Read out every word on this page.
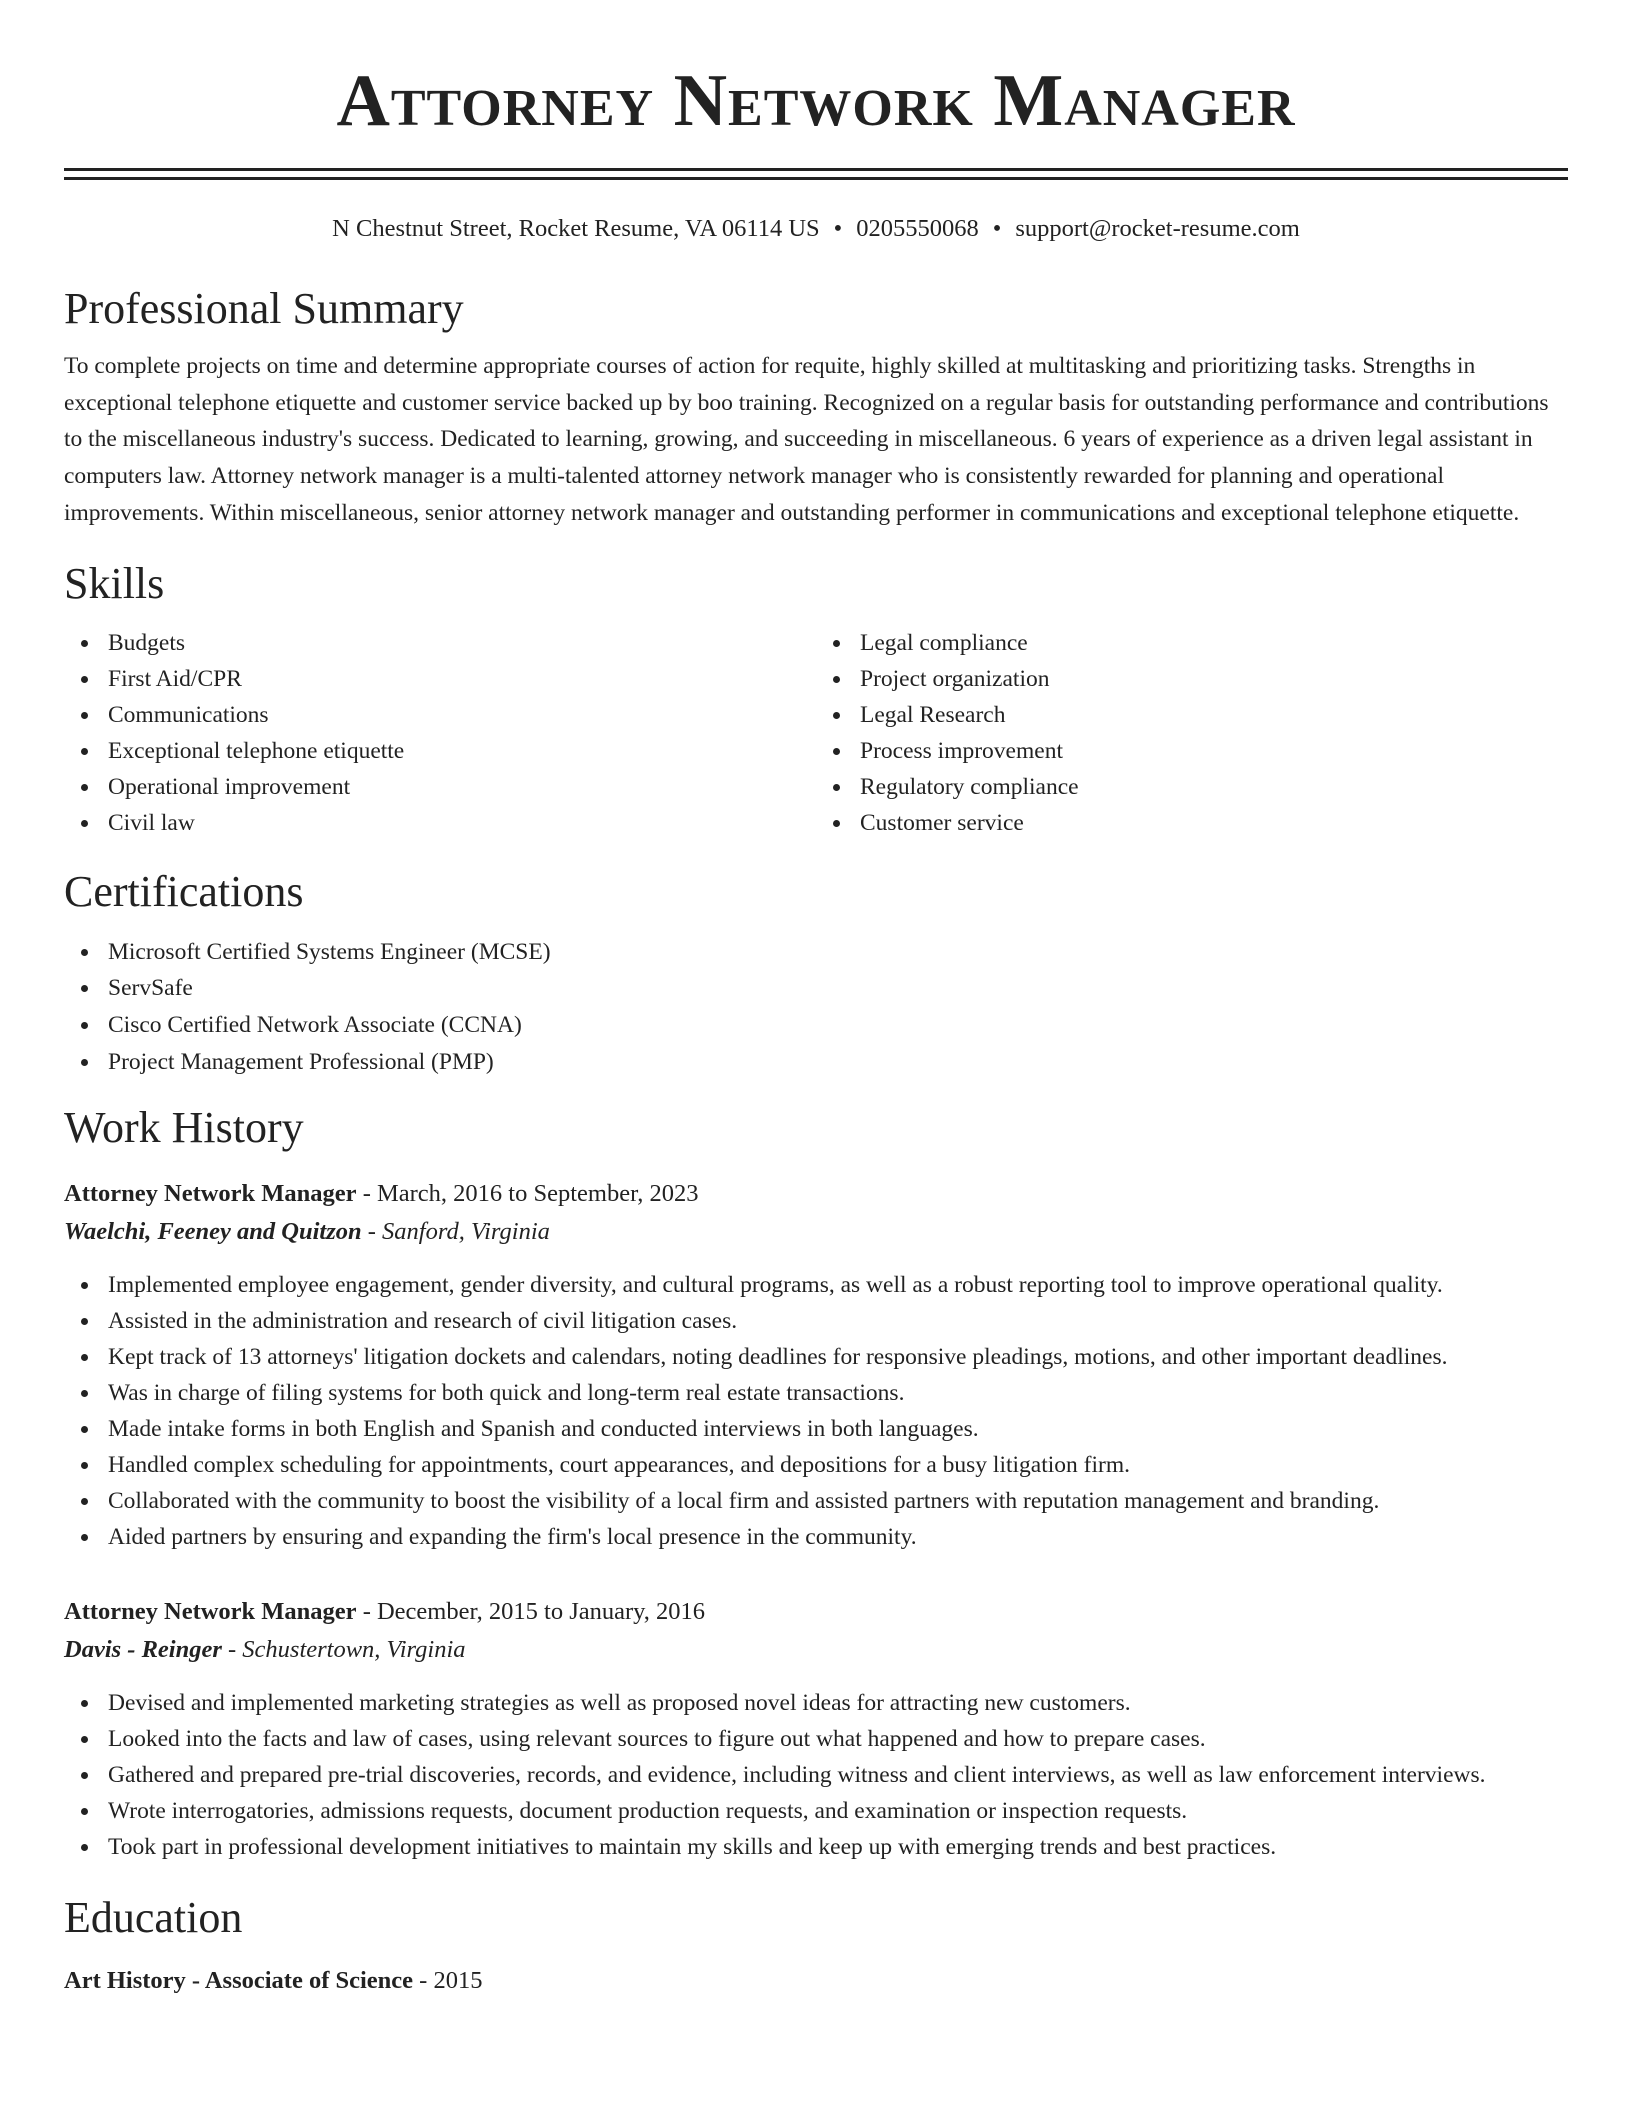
Attorney Network Manager
N Chestnut Street, Rocket Resume, VA 06114 US • 0205550068 • support@rocket-resume.com
Professional Summary

To complete projects on time and determine appropriate courses of action for requite, highly skilled at multitasking and prioritizing tasks. Strengths in exceptional telephone etiquette and customer service backed up by boo training. Recognized on a regular basis for outstanding performance and contributions to the miscellaneous industry's success. Dedicated to learning, growing, and succeeding in miscellaneous. 6 years of experience as a driven legal assistant in computers law. Attorney network manager is a multi-talented attorney network manager who is consistently rewarded for planning and operational improvements. Within miscellaneous, senior attorney network manager and outstanding performer in communications and exceptional telephone etiquette.

Skills
Budgets
First Aid/CPR
Communications
Exceptional telephone etiquette
Operational improvement
Civil law
Legal compliance
Project organization
Legal Research
Process improvement
Regulatory compliance
Customer service
Certifications
Microsoft Certified Systems Engineer (MCSE)
ServSafe
Cisco Certified Network Associate (CCNA)
Project Management Professional (PMP)
Work History
Attorney Network Manager - March, 2016 to September, 2023
Waelchi, Feeney and Quitzon - Sanford, Virginia
Implemented employee engagement, gender diversity, and cultural programs, as well as a robust reporting tool to improve operational quality.
Assisted in the administration and research of civil litigation cases.
Kept track of 13 attorneys' litigation dockets and calendars, noting deadlines for responsive pleadings, motions, and other important deadlines.
Was in charge of filing systems for both quick and long-term real estate transactions.
Made intake forms in both English and Spanish and conducted interviews in both languages.
Handled complex scheduling for appointments, court appearances, and depositions for a busy litigation firm.
Collaborated with the community to boost the visibility of a local firm and assisted partners with reputation management and branding.
Aided partners by ensuring and expanding the firm's local presence in the community.
Attorney Network Manager - December, 2015 to January, 2016
Davis - Reinger - Schustertown, Virginia
Devised and implemented marketing strategies as well as proposed novel ideas for attracting new customers.
Looked into the facts and law of cases, using relevant sources to figure out what happened and how to prepare cases.
Gathered and prepared pre-trial discoveries, records, and evidence, including witness and client interviews, as well as law enforcement interviews.
Wrote interrogatories, admissions requests, document production requests, and examination or inspection requests.
Took part in professional development initiatives to maintain my skills and keep up with emerging trends and best practices.
Education
Art History - Associate of Science - 2015
